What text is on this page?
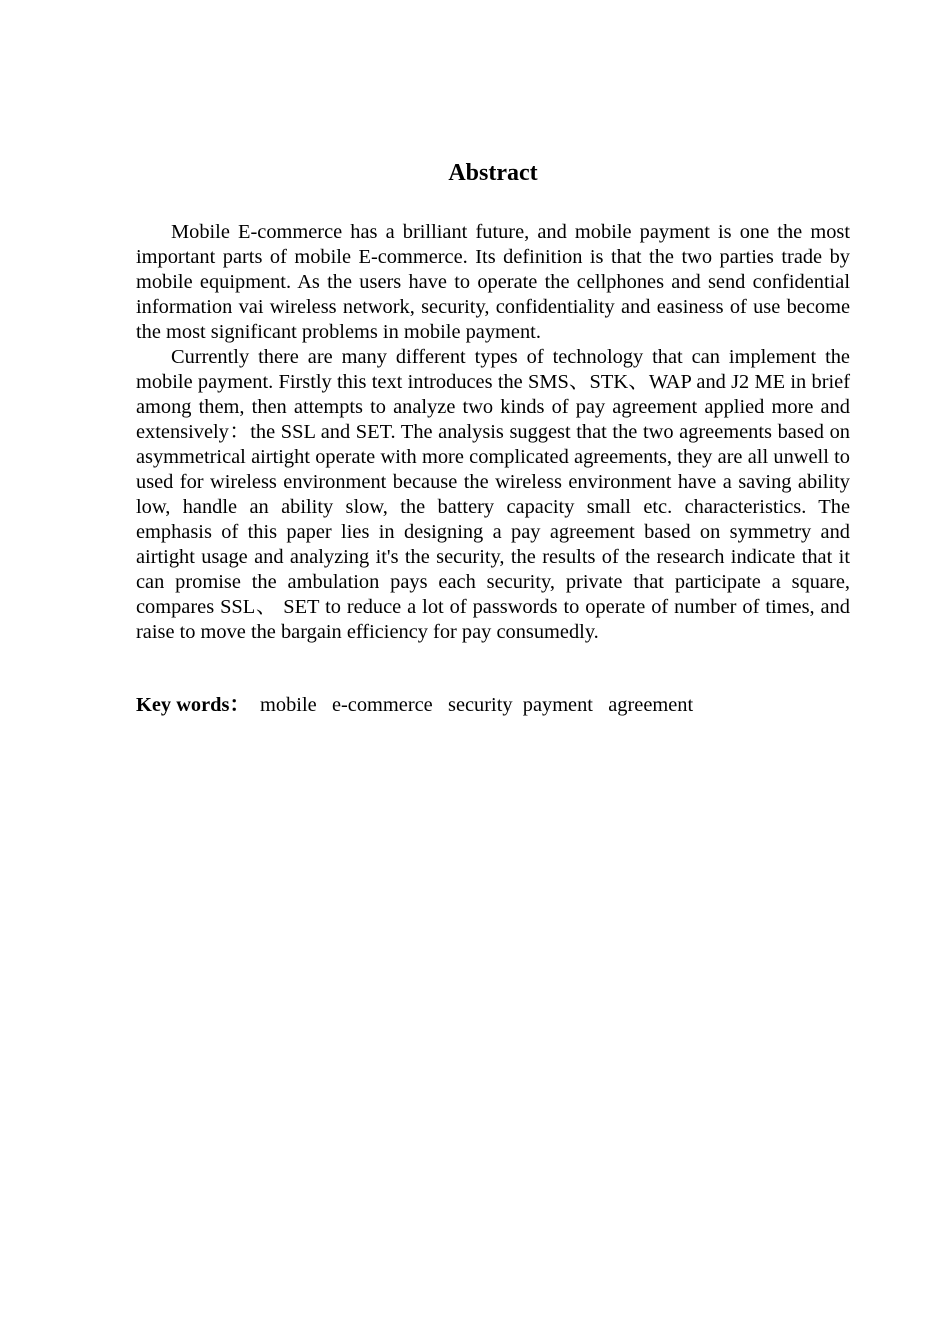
Abstract

Mobile E-commerce has a brilliant future, and mobile payment is one the most important parts of mobile E-commerce. Its definition is that the two parties trade by mobile equipment. As the users have to operate the cellphones and send confidential information vai wireless network, security, confidentiality and easiness of use become the most significant problems in mobile payment.

Currently there are many different types of technology that can implement the mobile payment. Firstly this text introduces the SMS、STK、WAP and J2 ME in brief among them, then attempts to analyze two kinds of pay agreement applied more and extensively：the SSL and SET. The analysis suggest that the two agreements based on asymmetrical airtight operate with more complicated agreements, they are all unwell to used for wireless environment because the wireless environment have a saving ability low, handle an ability slow, the battery capacity small etc. characteristics. The emphasis of this paper lies in designing a pay agreement based on symmetry and airtight usage and analyzing it's the security, the results of the research indicate that it can promise the ambulation pays each security, private that participate a square, compares SSL、 SET to reduce a lot of passwords to operate of number of times, and raise to move the bargain efficiency for pay consumedly.

Key words：  mobile   e-commerce   security  payment   agreement
